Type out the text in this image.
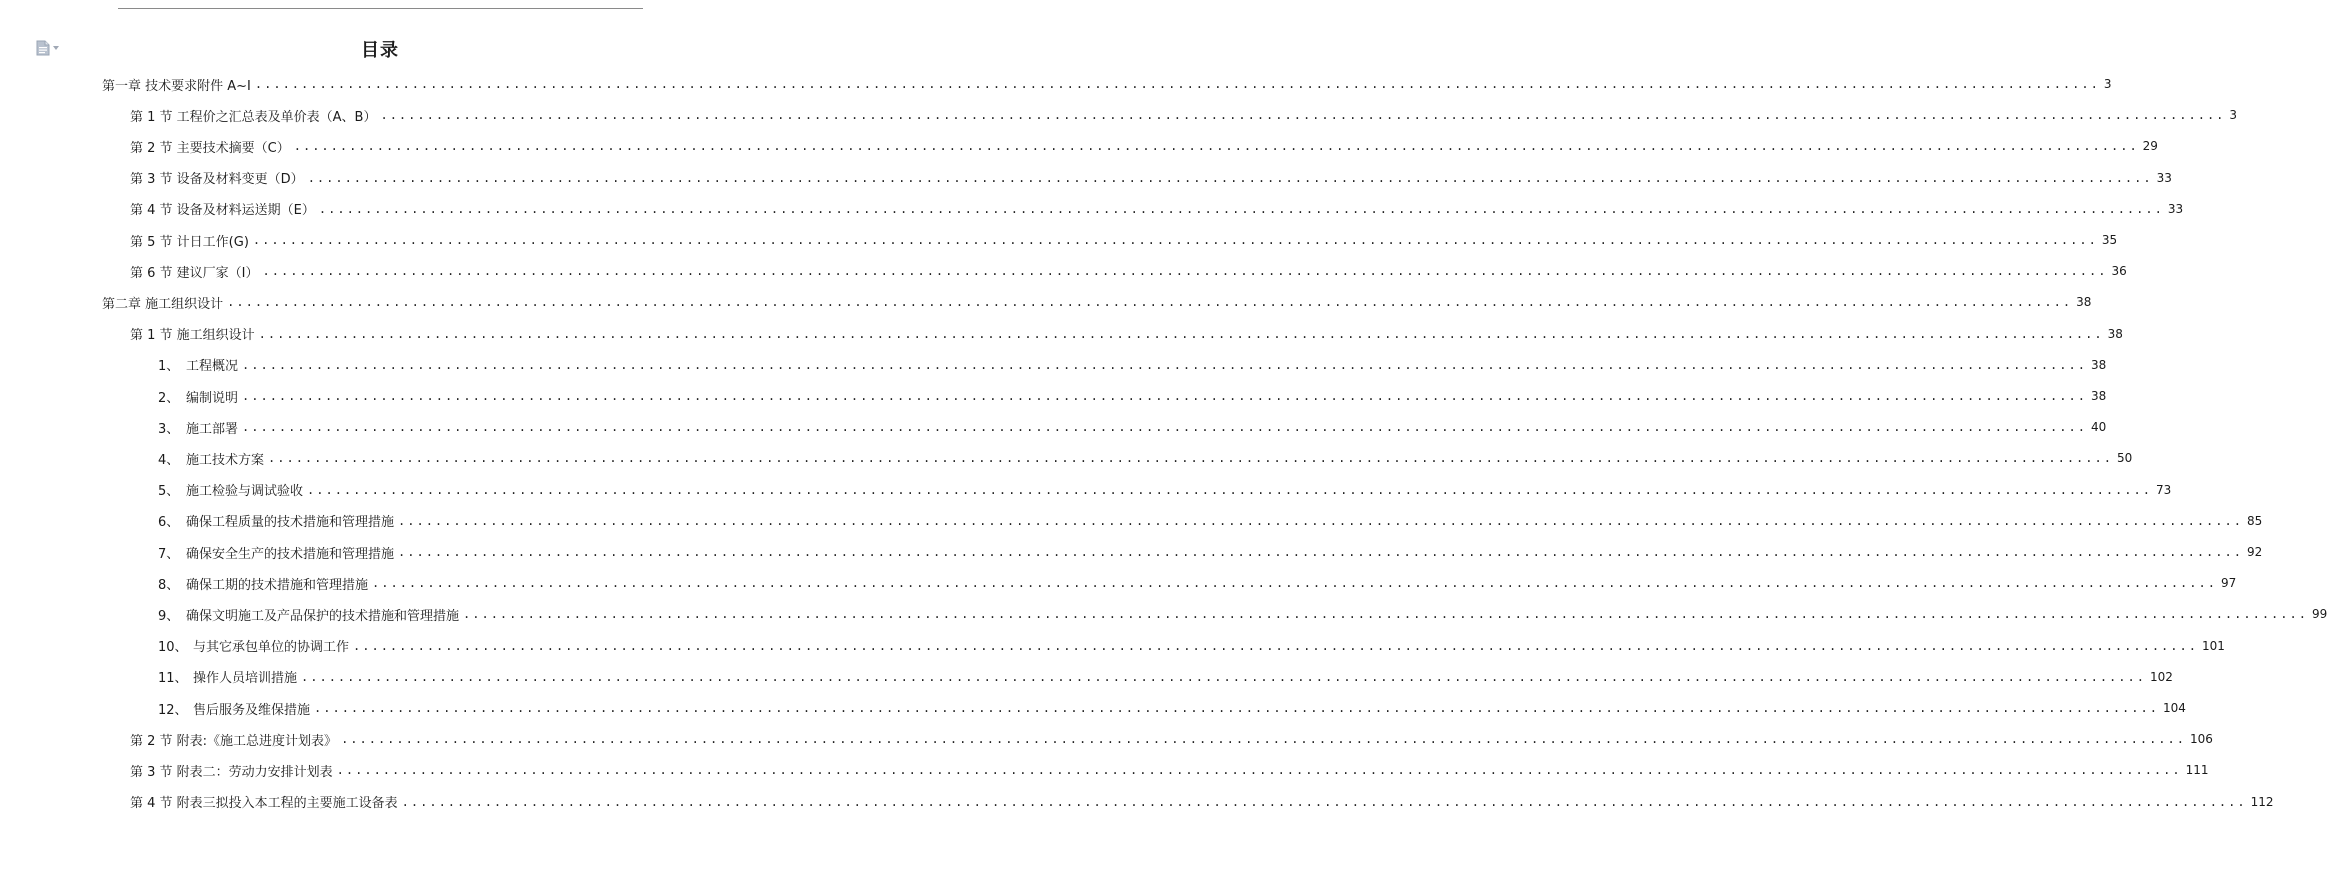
目录
第一章 技术要求附件 A~I ........................................................................................................................................................................................................ 3
第 1 节 工程价之汇总表及单价表（A、B） ........................................................................................................................................................................................................ 3
第 2 节 主要技术摘要（C） ........................................................................................................................................................................................................ 29
第 3 节 设备及材料变更（D） ........................................................................................................................................................................................................ 33
第 4 节 设备及材料运送期（E） ........................................................................................................................................................................................................ 33
第 5 节 计日工作(G) ........................................................................................................................................................................................................ 35
第 6 节 建议厂家（I） ........................................................................................................................................................................................................ 36
第二章 施工组织设计 ........................................................................................................................................................................................................ 38
第 1 节 施工组织设计 ........................................................................................................................................................................................................ 38
1、 工程概况 ........................................................................................................................................................................................................ 38
2、 编制说明 ........................................................................................................................................................................................................ 38
3、 施工部署 ........................................................................................................................................................................................................ 40
4、 施工技术方案 ........................................................................................................................................................................................................ 50
5、 施工检验与调试验收 ........................................................................................................................................................................................................ 73
6、 确保工程质量的技术措施和管理措施 ........................................................................................................................................................................................................ 85
7、 确保安全生产的技术措施和管理措施 ........................................................................................................................................................................................................ 92
8、 确保工期的技术措施和管理措施 ........................................................................................................................................................................................................ 97
9、 确保文明施工及产品保护的技术措施和管理措施 ........................................................................................................................................................................................................ 99
10、 与其它承包单位的协调工作 ........................................................................................................................................................................................................ 101
11、 操作人员培训措施 ........................................................................................................................................................................................................ 102
12、 售后服务及维保措施 ........................................................................................................................................................................................................ 104
第 2 节 附表:《施工总进度计划表》 ........................................................................................................................................................................................................ 106
第 3 节 附表二：劳动力安排计划表 ........................................................................................................................................................................................................ 111
第 4 节 附表三拟投入本工程的主要施工设备表 ........................................................................................................................................................................................................ 112
